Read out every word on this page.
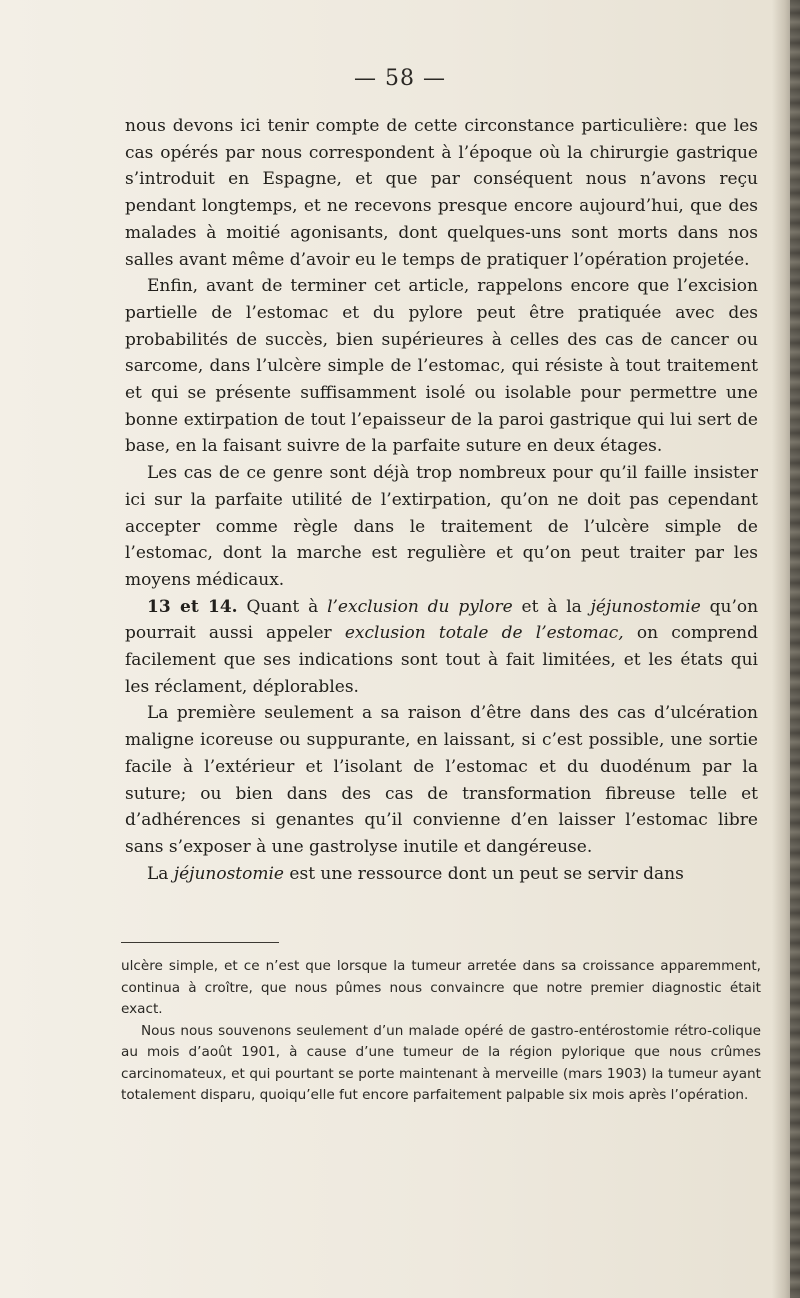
— 58 —

nous devons ici tenir compte de cette circonstance particulière: que les cas opérés par nous correspondent à l’époque où la chirurgie gastrique s’introduit en Espagne, et que par conséquent nous n’avons reçu pendant longtemps, et ne recevons presque encore aujourd’hui, que des malades à moitié agonisants, dont quelques-uns sont morts dans nos salles avant même d’avoir eu le temps de pratiquer l’opération projetée.

Enfin, avant de terminer cet article, rappelons encore que l’excision partielle de l’estomac et du pylore peut être pratiquée avec des probabilités de succès, bien supérieures à celles des cas de cancer ou sarcome, dans l’ulcère simple de l’estomac, qui résiste à tout traitement et qui se présente suffisamment isolé ou isolable pour permettre une bonne extirpation de tout l’epaisseur de la paroi gastrique qui lui sert de base, en la faisant suivre de la parfaite suture en deux étages.

Les cas de ce genre sont déjà trop nombreux pour qu’il faille insister ici sur la parfaite utilité de l’extirpation, qu’on ne doit pas cependant accepter comme règle dans le traitement de l’ulcère simple de l’estomac, dont la marche est regulière et qu’on peut traiter par les moyens médicaux.

13 et 14. Quant à l’exclusion du pylore et à la jéjunostomie qu’on pourrait aussi appeler exclusion totale de l’estomac, on comprend facilement que ses indications sont tout à fait limitées, et les états qui les réclament, déplorables.

La première seulement a sa raison d’être dans des cas d’ulcération maligne icoreuse ou suppurante, en laissant, si c’est possible, une sortie facile à l’extérieur et l’isolant de l’estomac et du duodénum par la suture; ou bien dans des cas de transformation fibreuse telle et d’adhérences si genantes qu’il convienne d’en laisser l’estomac libre sans s’exposer à une gastrolyse inutile et dangéreuse.

La jéjunostomie est une ressource dont un peut se servir dans

ulcère simple, et ce n’est que lorsque la tumeur arretée dans sa croissance apparemment, continua à croître, que nous pûmes nous convaincre que notre premier diagnostic était exact.

Nous nous souvenons seulement d’un malade opéré de gastro-entérostomie rétro-colique au mois d’août 1901, à cause d’une tumeur de la région pylorique que nous crûmes carcinomateux, et qui pourtant se porte maintenant à merveille (mars 1903) la tumeur ayant totalement disparu, quoiqu’elle fut encore parfaitement palpable six mois après l’opération.
